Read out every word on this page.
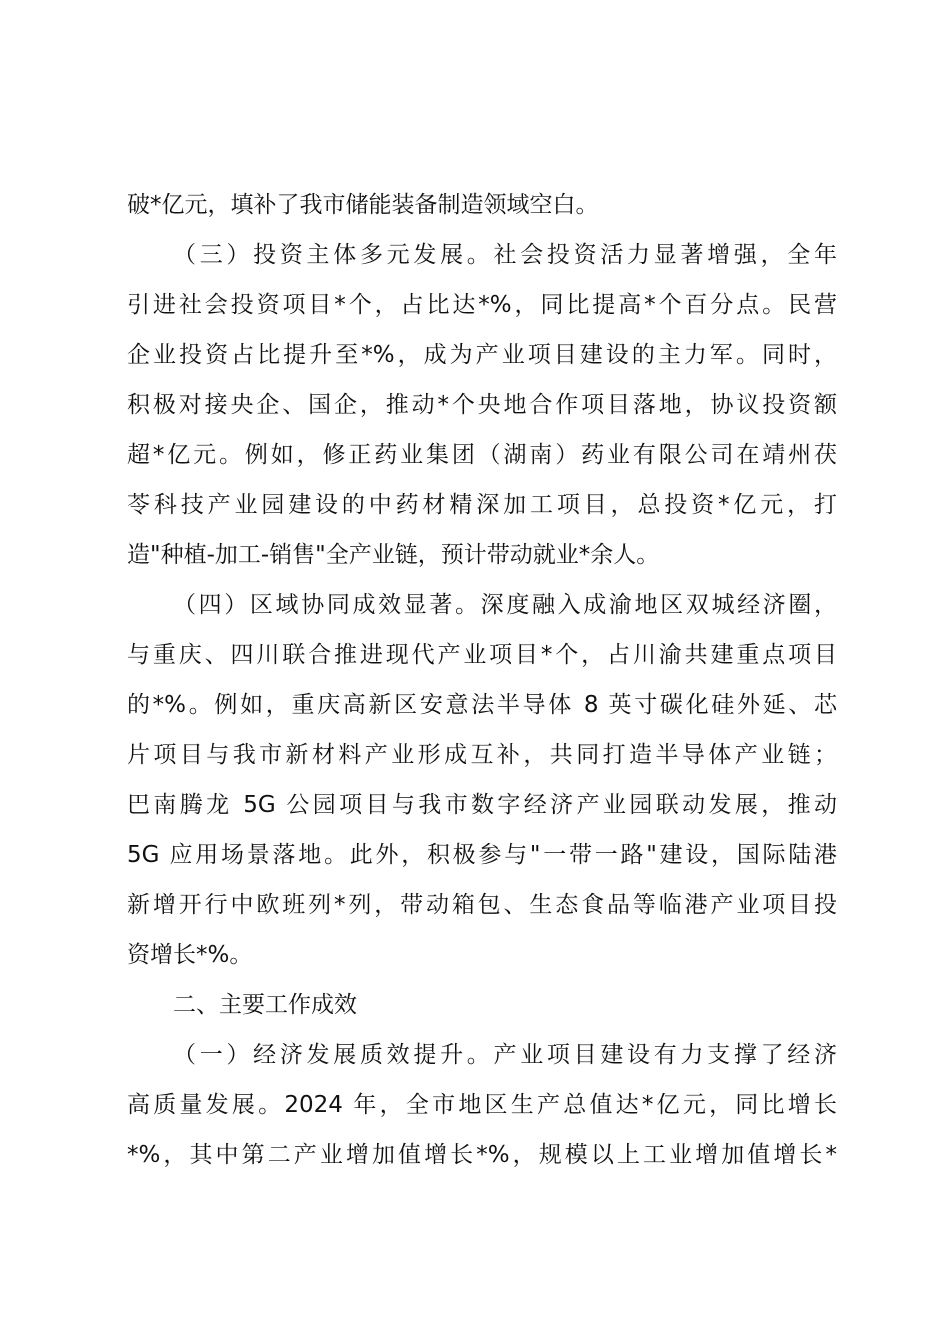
破*亿元，填补了我市储能装备制造领域空白。
（三）投资主体多元发展。社会投资活力显著增强，全年
引进社会投资项目*个，占比达*%，同比提高*个百分点。民营
企业投资占比提升至*%，成为产业项目建设的主力军。同时，
积极对接央企、国企，推动*个央地合作项目落地，协议投资额
超*亿元。例如，修正药业集团（湖南）药业有限公司在靖州茯
苓科技产业园建设的中药材精深加工项目，总投资*亿元，打
造"种植-加工-销售"全产业链，预计带动就业*余人。
（四）区域协同成效显著。深度融入成渝地区双城经济圈，
与重庆、四川联合推进现代产业项目*个，占川渝共建重点项目
的*%。例如，重庆高新区安意法半导体 8 英寸碳化硅外延、芯
片项目与我市新材料产业形成互补，共同打造半导体产业链；
巴南腾龙 5G 公园项目与我市数字经济产业园联动发展，推动
5G 应用场景落地。此外，积极参与"一带一路"建设，国际陆港
新增开行中欧班列*列，带动箱包、生态食品等临港产业项目投
资增长*%。
二、主要工作成效
（一）经济发展质效提升。产业项目建设有力支撑了经济
高质量发展。2024 年，全市地区生产总值达*亿元，同比增长
*%，其中第二产业增加值增长*%，规模以上工业增加值增长*
